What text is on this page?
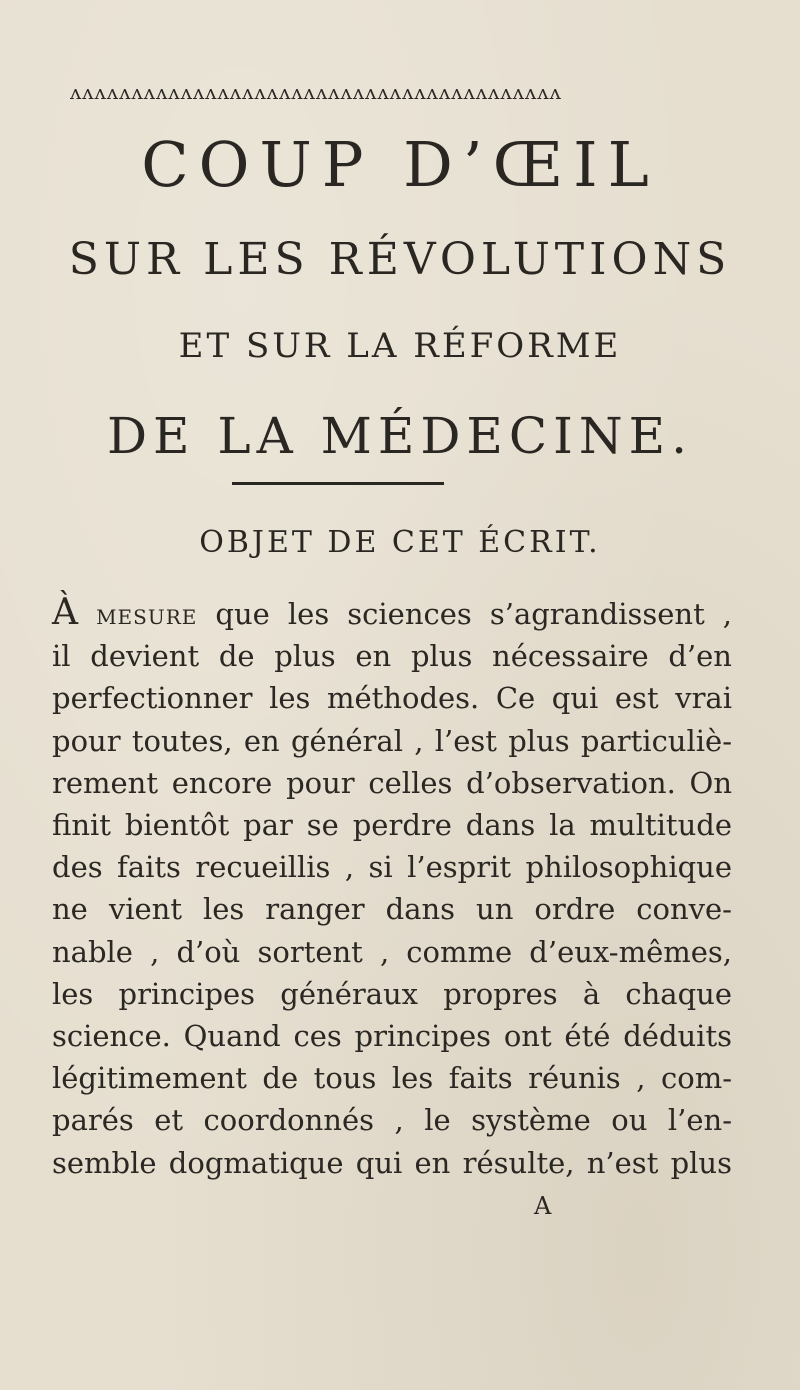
ᴧᴧᴧᴧᴧᴧᴧᴧᴧᴧᴧᴧᴧᴧᴧᴧᴧᴧᴧᴧᴧᴧᴧᴧᴧᴧᴧᴧᴧᴧᴧᴧᴧᴧᴧᴧᴧᴧᴧᴧ
COUP D’ŒIL
SUR LES RÉVOLUTIONS
ET SUR LA RÉFORME
DE LA MÉDECINE.
OBJET DE CET ÉCRIT.
À mesure que les sciences s’agrandissent ,
il devient de plus en plus nécessaire d’en
perfectionner les méthodes. Ce qui est vrai
pour toutes, en général , l’est plus particuliè-
rement encore pour celles d’observation. On
finit bientôt par se perdre dans la multitude
des faits recueillis , si l’esprit philosophique
ne vient les ranger dans un ordre conve-
nable , d’où sortent , comme d’eux-mêmes,
les principes généraux propres à chaque
science. Quand ces principes ont été déduits
légitimement de tous les faits réunis , com-
parés et coordonnés , le système ou l’en-
semble dogmatique qui en résulte, n’est plus
A
